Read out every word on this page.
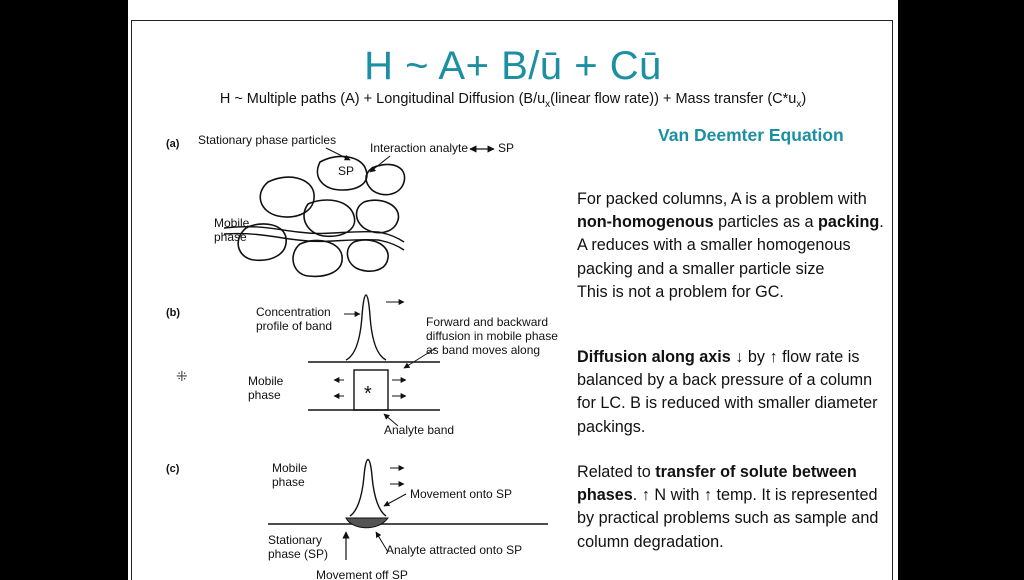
H ~ A+ B/ū + Cū
H ~ Multiple paths (A) + Longitudinal Diffusion ($B/u_x(linear$ flow rate)) + Mass transfer $(C*u_x)$
Van Deemter Equation
For packed columns, A is a problem with non-homogenous particles as a packing. A reduces with a smaller homogenous packing and a smaller particle size
This is not a problem for GC.
Diffusion along axis ↓ by ↑ flow rate is balanced by a back pressure of a column for LC. B is reduced with smaller diameter packings.
Related to transfer of solute between phases. ↑ N with ↑ temp. It is represented by practical problems such as sample and column degradation.
⁜
(a) Stationary phase particles
Interaction analyte SP
SP
Mobile
phase
(b)	Concentration
profile of band	Forward and backward
diffusion in mobile phase
as band moves along
*
Mobile
phase
Analyte band
(c)	Mobile
phase
Movement onto SP
Stationary
phase (SP)	Analyte attracted onto SP
Movement off SP
